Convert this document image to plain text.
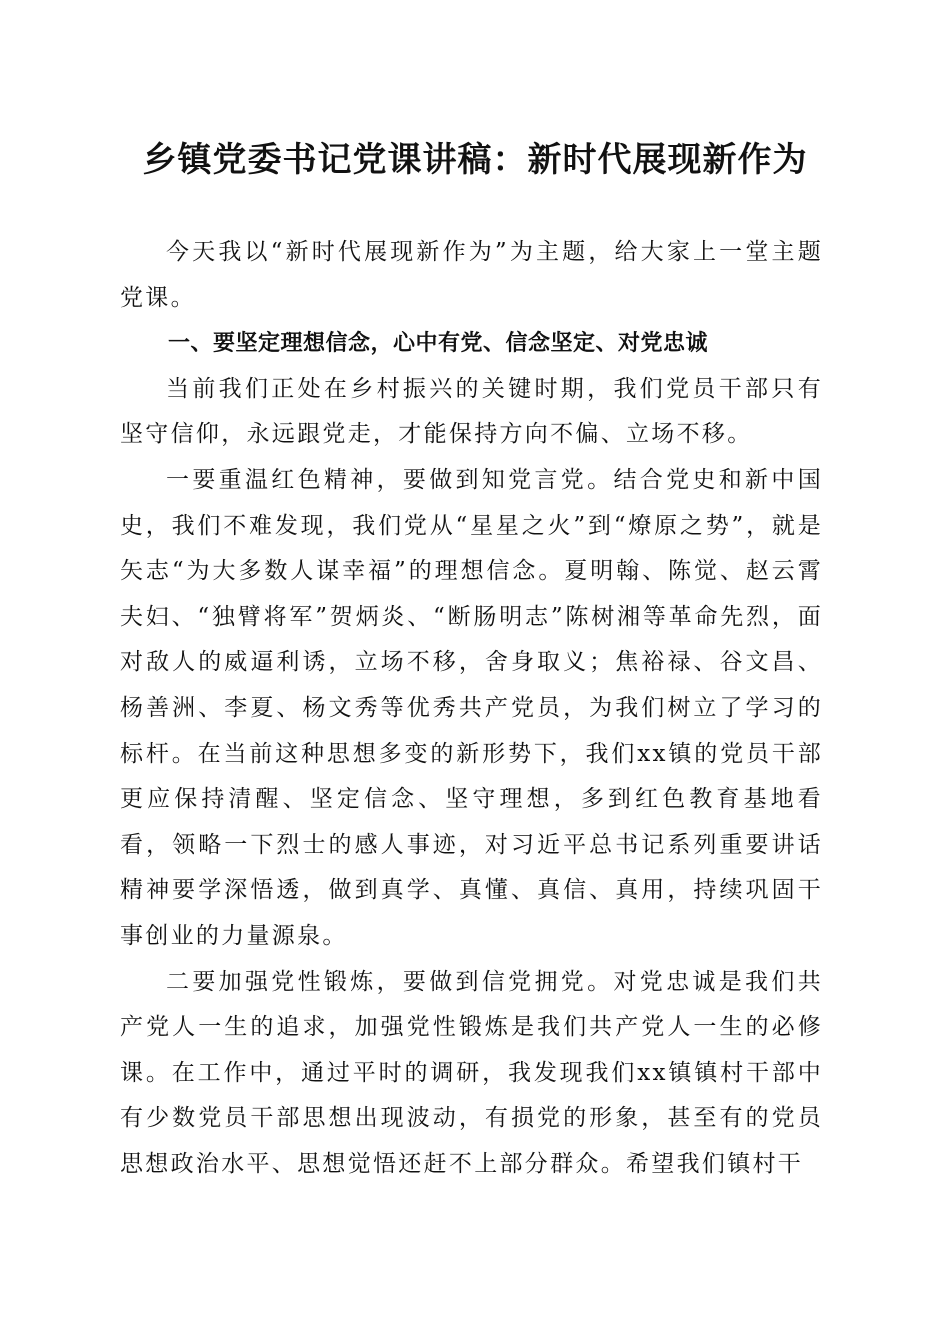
乡镇党委书记党课讲稿：新时代展现新作为

今天我以“新时代展现新作为”为主题，给大家上一堂主题党课。

一、要坚定理想信念，心中有党、信念坚定、对党忠诚

当前我们正处在乡村振兴的关键时期，我们党员干部只有坚守信仰，永远跟党走，才能保持方向不偏、立场不移。

一要重温红色精神，要做到知党言党。结合党史和新中国史，我们不难发现，我们党从“星星之火”到“燎原之势”，就是矢志“为大多数人谋幸福”的理想信念。夏明翰、陈觉、赵云霄夫妇、“独臂将军”贺炳炎、“断肠明志”陈树湘等革命先烈，面对敌人的威逼利诱，立场不移，舍身取义；焦裕禄、谷文昌、杨善洲、李夏、杨文秀等优秀共产党员，为我们树立了学习的标杆。在当前这种思想多变的新形势下，我们xx镇的党员干部更应保持清醒、坚定信念、坚守理想，多到红色教育基地看看，领略一下烈士的感人事迹，对习近平总书记系列重要讲话精神要学深悟透，做到真学、真懂、真信、真用，持续巩固干事创业的力量源泉。

二要加强党性锻炼，要做到信党拥党。对党忠诚是我们共产党人一生的追求，加强党性锻炼是我们共产党人一生的必修课。在工作中，通过平时的调研，我发现我们xx镇镇村干部中有少数党员干部思想出现波动，有损党的形象，甚至有的党员思想政治水平、思想觉悟还赶不上部分群众。希望我们镇村干
